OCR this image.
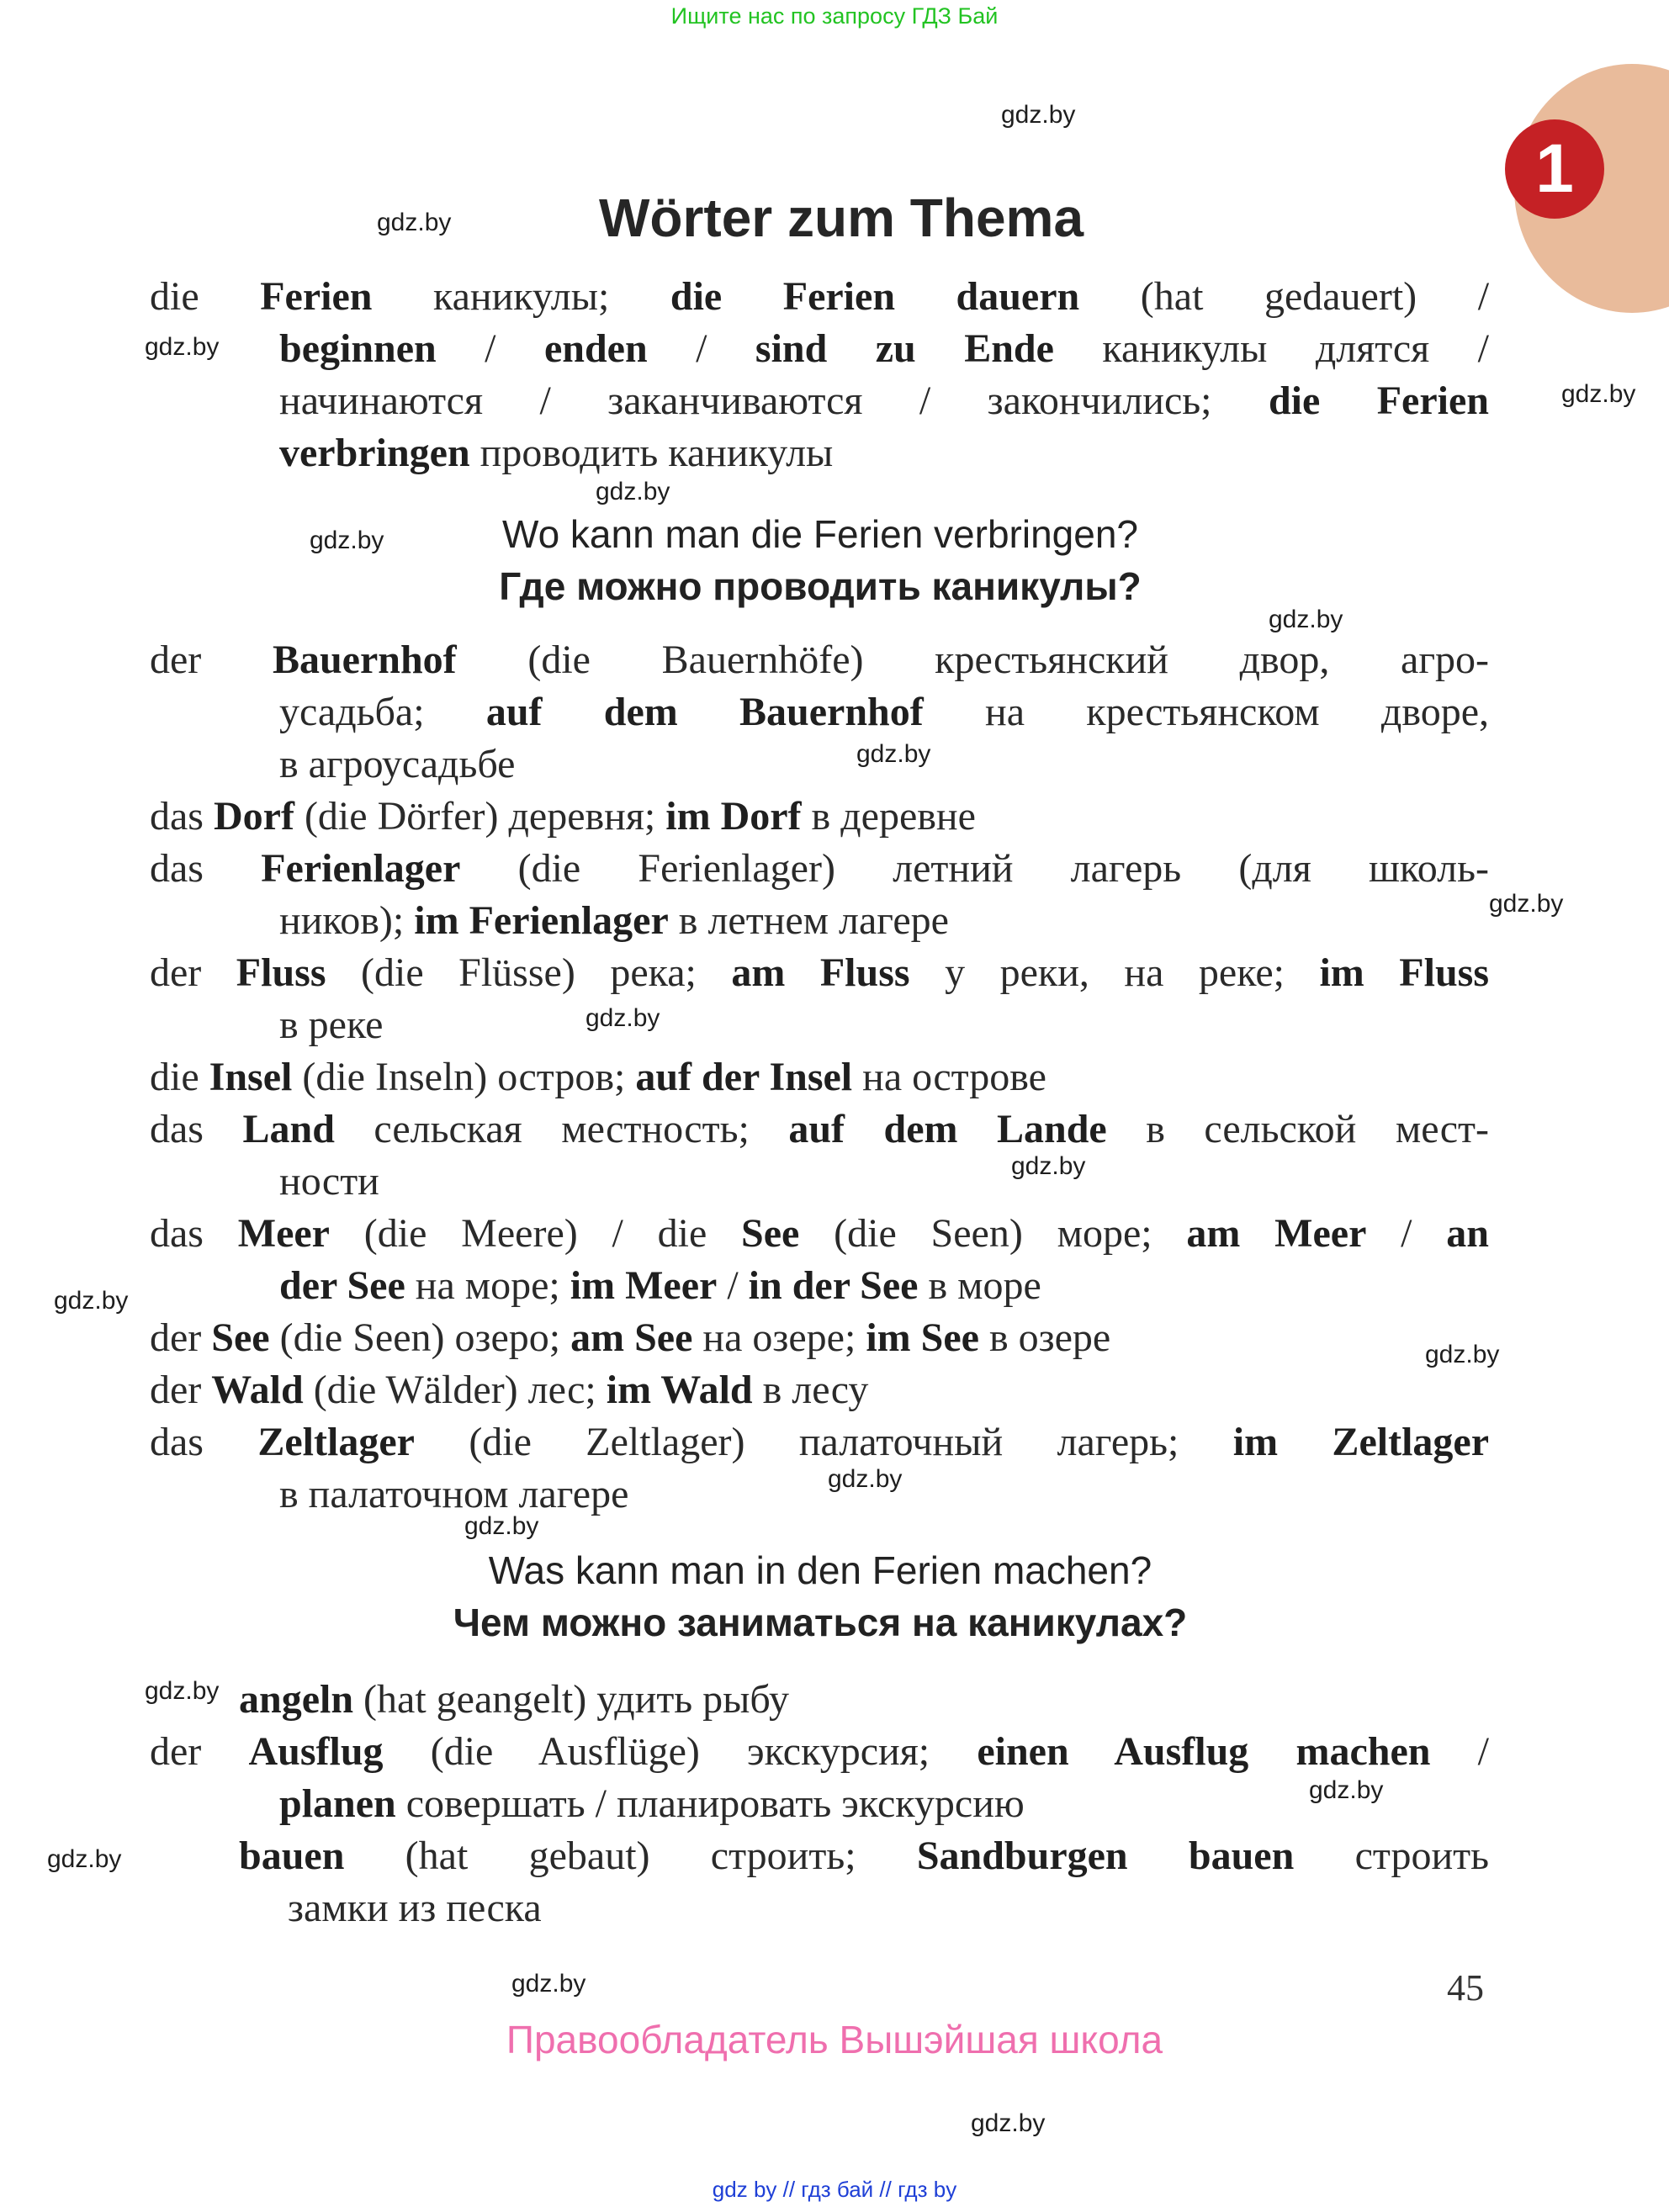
Ищите нас по запросу ГДЗ Бай
1
gdz.by
gdz.by
gdz.by
gdz.by
gdz.by
gdz.by
gdz.by
gdz.by
gdz.by
gdz.by
gdz.by
gdz.by
gdz.by
gdz.by
gdz.by
gdz.by
gdz.by
gdz.by
gdz.by
gdz.by
Wörter zum Thema
die Ferien каникулы; die Ferien dauern (hat gedauert) /
beginnen / enden / sind zu Ende каникулы длятся /
начинаются / заканчиваются / закончились; die Ferien
verbringen проводить каникулы
Wo kann man die Ferien verbringen?
Где можно проводить каникулы?
der Bauernhof (die Bauernhöfe) крестьянский двор, агро-
усадьба; auf dem Bauernhof на крестьянском дворе,
в агроусадьбе
das Dorf (die Dörfer) деревня; im Dorf в деревне
das Ferienlager (die Ferienlager) летний лагерь (для школь-
ников); im Ferienlager в летнем лагере
der Fluss (die Flüsse) река; am Fluss у реки, на реке; im Fluss
в реке
die Insel (die Inseln) остров; auf der Insel на острове
das Land сельская местность; auf dem Lande в сельской мест-
ности
das Meer (die Meere) / die See (die Seen) море; am Meer / an
der See на море; im Meer / in der See в море
der See (die Seen) озеро; am See на озере; im See в озере
der Wald (die Wälder) лес; im Wald в лесу
das Zeltlager (die Zeltlager) палаточный лагерь; im Zeltlager
в палаточном лагере
Was kann man in den Ferien machen?
Чем можно заниматься на каникулах?
angeln (hat geangelt) удить рыбу
der Ausflug (die Ausflüge) экскурсия; einen Ausflug machen /
planen совершать / планировать экскурсию
bauen (hat gebaut) строить; Sandburgen bauen строить
замки из песка
45
Правообладатель Вышэйшая школа
gdz by // гдз бай // гдз by
